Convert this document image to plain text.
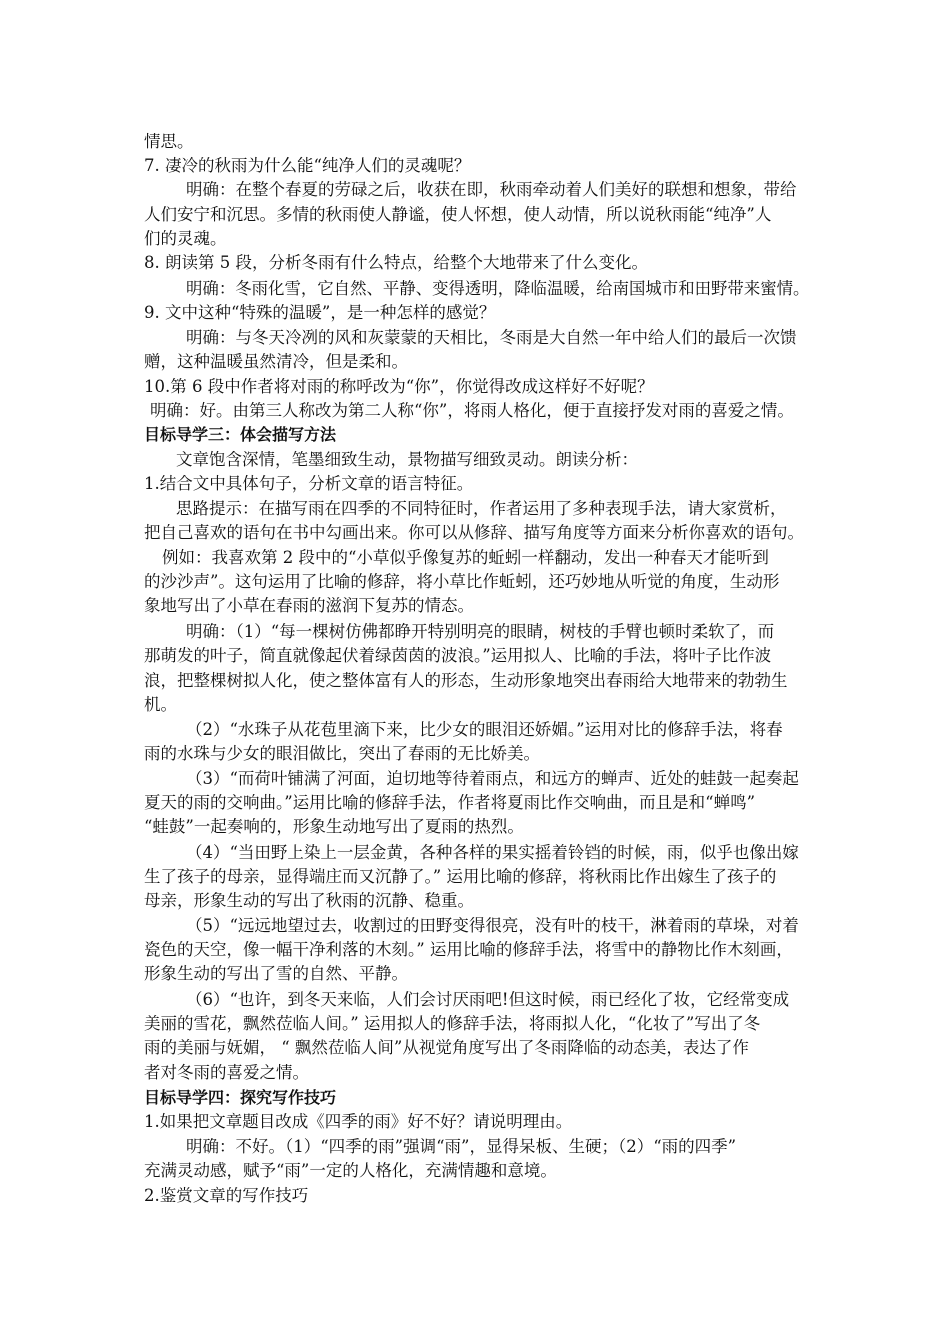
情思。
7. 凄冷的秋雨为什么能“纯净人们的灵魂呢？
明确：在整个春夏的劳碌之后，收获在即，秋雨牵动着人们美好的联想和想象，带给
人们安宁和沉思。多情的秋雨使人静谧，使人怀想，使人动情，所以说秋雨能“纯净”人
们的灵魂。
8. 朗读第 5 段，分析冬雨有什么特点，给整个大地带来了什么变化。
明确：冬雨化雪，它自然、平静、变得透明，降临温暖，给南国城市和田野带来蜜情。
9. 文中这种“特殊的温暖”，是一种怎样的感觉？
明确：与冬天冷冽的风和灰蒙蒙的天相比，冬雨是大自然一年中给人们的最后一次馈
赠，这种温暖虽然清冷，但是柔和。
10.第 6 段中作者将对雨的称呼改为“你”，你觉得改成这样好不好呢？
明确：好。由第三人称改为第二人称“你”，将雨人格化，便于直接抒发对雨的喜爱之情。
目标导学三：体会描写方法
文章饱含深情，笔墨细致生动，景物描写细致灵动。朗读分析：
1.结合文中具体句子，分析文章的语言特征。
思路提示：在描写雨在四季的不同特征时，作者运用了多种表现手法，请大家赏析，
把自己喜欢的语句在书中勾画出来。你可以从修辞、描写角度等方面来分析你喜欢的语句。
例如：我喜欢第 2 段中的“小草似乎像复苏的蚯蚓一样翻动，发出一种春天才能听到
的沙沙声”。这句运用了比喻的修辞，将小草比作蚯蚓，还巧妙地从听觉的角度，生动形
象地写出了小草在春雨的滋润下复苏的情态。
明确：（1）“每一棵树仿佛都睁开特别明亮的眼睛，树枝的手臂也顿时柔软了，而
那萌发的叶子，简直就像起伏着绿茵茵的波浪。”运用拟人、比喻的手法，将叶子比作波
浪，把整棵树拟人化，使之整体富有人的形态，生动形象地突出春雨给大地带来的勃勃生
机。
（2）“水珠子从花苞里滴下来，比少女的眼泪还娇媚。”运用对比的修辞手法，将春
雨的水珠与少女的眼泪做比，突出了春雨的无比娇美。
（3）“而荷叶铺满了河面，迫切地等待着雨点，和远方的蝉声、近处的蛙鼓一起奏起
夏天的雨的交响曲。”运用比喻的修辞手法，作者将夏雨比作交响曲，而且是和“蝉鸣”
“蛙鼓”一起奏响的，形象生动地写出了夏雨的热烈。
（4）“当田野上染上一层金黄，各种各样的果实摇着铃铛的时候，雨，似乎也像出嫁
生了孩子的母亲，显得端庄而又沉静了。” 运用比喻的修辞，将秋雨比作出嫁生了孩子的
母亲，形象生动的写出了秋雨的沉静、稳重。
（5）“远远地望过去，收割过的田野变得很亮，没有叶的枝干，淋着雨的草垛，对着
瓷色的天空，像一幅干净利落的木刻。” 运用比喻的修辞手法，将雪中的静物比作木刻画，
形象生动的写出了雪的自然、平静。
（6）“也许，到冬天来临，人们会讨厌雨吧!但这时候，雨已经化了妆，它经常变成
美丽的雪花，飘然莅临人间。” 运用拟人的修辞手法，将雨拟人化，“化妆了”写出了冬
雨的美丽与妩媚， “ 飘然莅临人间”从视觉角度写出了冬雨降临的动态美，表达了作
者对冬雨的喜爱之情。
目标导学四：探究写作技巧
1.如果把文章题目改成《四季的雨》好不好？请说明理由。
明确：不好。（1）“四季的雨”强调“雨”，显得呆板、生硬；（2）“雨的四季”
充满灵动感，赋予“雨”一定的人格化，充满情趣和意境。
2.鉴赏文章的写作技巧
